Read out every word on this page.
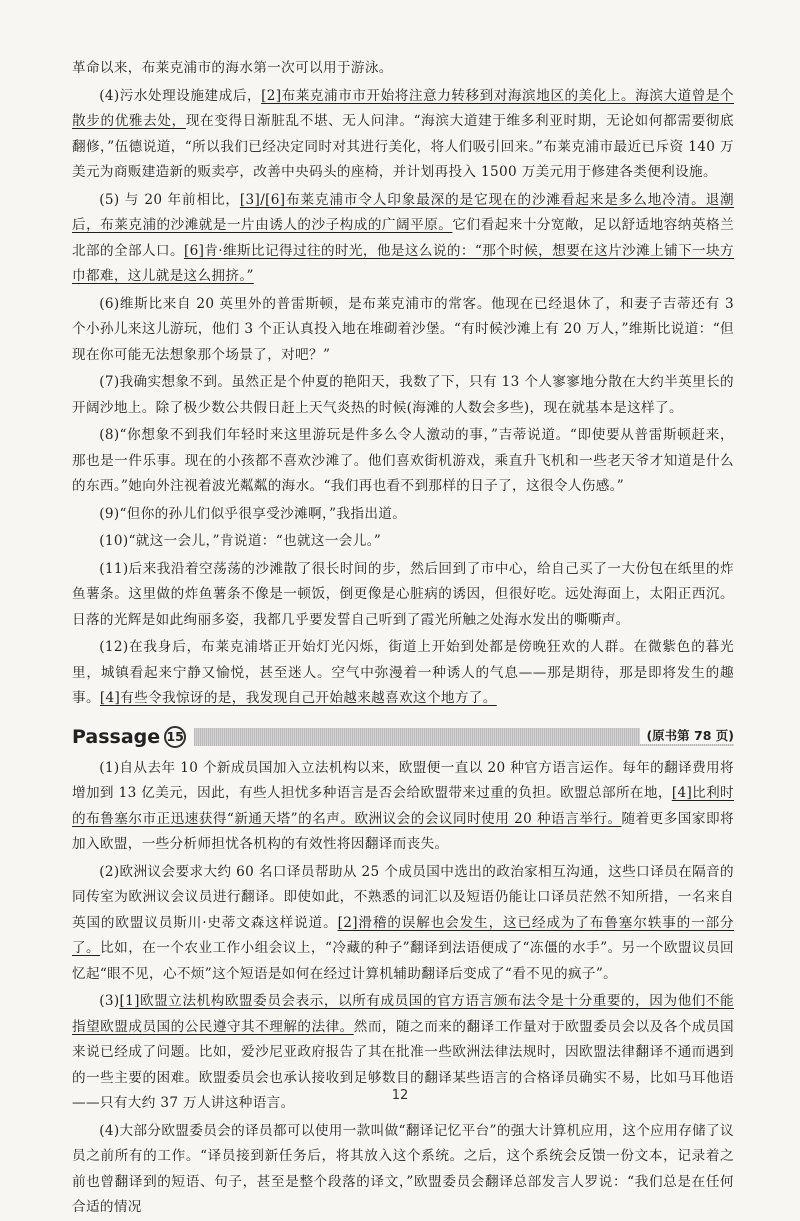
革命以来，布莱克浦市的海水第一次可以用于游泳。

(4)污水处理设施建成后，[2]布莱克浦市市开始将注意力转移到对海滨地区的美化上。海滨大道曾是个散步的优雅去处，现在变得日渐脏乱不堪、无人问津。“海滨大道建于维多利亚时期，无论如何都需要彻底翻修，”伍德说道，“所以我们已经决定同时对其进行美化，将人们吸引回来。”布莱克浦市最近已斥资 140 万美元为商贩建造新的贩卖亭，改善中央码头的座椅，并计划再投入 1500 万美元用于修建各类便利设施。

(5) 与 20 年前相比，[3]/[6]布莱克浦市令人印象最深的是它现在的沙滩看起来是多么地冷清。退潮后，布莱克浦的沙滩就是一片由诱人的沙子构成的广阔平原。它们看起来十分宽敞，足以舒适地容纳英格兰北部的全部人口。[6]肯·维斯比记得过往的时光，他是这么说的：“那个时候，想要在这片沙滩上铺下一块方巾都难，这儿就是这么拥挤。”

(6)维斯比来自 20 英里外的普雷斯顿，是布莱克浦市的常客。他现在已经退休了，和妻子吉蒂还有 3 个小孙儿来这儿游玩，他们 3 个正认真投入地在堆砌着沙堡。“有时候沙滩上有 20 万人，”维斯比说道：“但现在你可能无法想象那个场景了，对吧？”

(7)我确实想象不到。虽然正是个仲夏的艳阳天，我数了下，只有 13 个人寥寥地分散在大约半英里长的开阔沙地上。除了极少数公共假日赶上天气炎热的时候(海滩的人数会多些)，现在就基本是这样了。

(8)“你想象不到我们年轻时来这里游玩是件多么令人激动的事，”吉蒂说道。“即使要从普雷斯顿赶来，那也是一件乐事。现在的小孩都不喜欢沙滩了。他们喜欢街机游戏，乘直升飞机和一些老天爷才知道是什么的东西。”她向外注视着波光粼粼的海水。“我们再也看不到那样的日子了，这很令人伤感。”

(9)“但你的孙儿们似乎很享受沙滩啊，”我指出道。

(10)“就这一会儿，”肯说道：“也就这一会儿。”

(11)后来我沿着空荡荡的沙滩散了很长时间的步，然后回到了市中心，给自己买了一大份包在纸里的炸鱼薯条。这里做的炸鱼薯条不像是一顿饭，倒更像是心脏病的诱因，但很好吃。远处海面上，太阳正西沉。日落的光辉是如此绚丽多姿，我都几乎要发誓自己听到了霞光所触之处海水发出的嘶嘶声。

(12)在我身后，布莱克浦塔正开始灯光闪烁，街道上开始到处都是傍晚狂欢的人群。在微紫色的暮光里，城镇看起来宁静又愉悦，甚至迷人。空气中弥漫着一种诱人的气息——那是期待，那是即将发生的趣事。[4]有些令我惊讶的是，我发现自己开始越来越喜欢这个地方了。

Passage 15	(原书第 78 页)

(1)自从去年 10 个新成员国加入立法机构以来，欧盟便一直以 20 种官方语言运作。每年的翻译费用将增加到 13 亿美元，因此，有些人担忧多种语言是否会给欧盟带来过重的负担。欧盟总部所在地，[4]比利时的布鲁塞尔市正迅速获得“新通天塔”的名声。欧洲议会的会议同时使用 20 种语言举行。随着更多国家即将加入欧盟，一些分析师担忧各机构的有效性将因翻译而丧失。

(2)欧洲议会要求大约 60 名口译员帮助从 25 个成员国中选出的政治家相互沟通，这些口译员在隔音的同传室为欧洲议会议员进行翻译。即使如此，不熟悉的词汇以及短语仍能让口译员茫然不知所措，一名来自英国的欧盟议员斯川·史蒂文森这样说道。[2]滑稽的误解也会发生，这已经成为了布鲁塞尔轶事的一部分了。比如，在一个农业工作小组会议上，“冷藏的种子”翻译到法语便成了“冻僵的水手”。另一个欧盟议员回忆起“眼不见，心不烦”这个短语是如何在经过计算机辅助翻译后变成了“看不见的疯子”。

(3)[1]欧盟立法机构欧盟委员会表示，以所有成员国的官方语言颁布法令是十分重要的，因为他们不能指望欧盟成员国的公民遵守其不理解的法律。然而，随之而来的翻译工作量对于欧盟委员会以及各个成员国来说已经成了问题。比如，爱沙尼亚政府报告了其在批准一些欧洲法律法规时，因欧盟法律翻译不通而遇到的一些主要的困难。欧盟委员会也承认接收到足够数目的翻译某些语言的合格译员确实不易，比如马耳他语——只有大约 37 万人讲这种语言。

(4)大部分欧盟委员会的译员都可以使用一款叫做“翻译记忆平台”的强大计算机应用，这个应用存储了议员之前所有的工作。“译员接到新任务后，将其放入这个系统。之后，这个系统会反馈一份文本，记录着之前也曾翻译到的短语、句子，甚至是整个段落的译文，”欧盟委员会翻译总部发言人罗说：“我们总是在任何合适的情况

12
